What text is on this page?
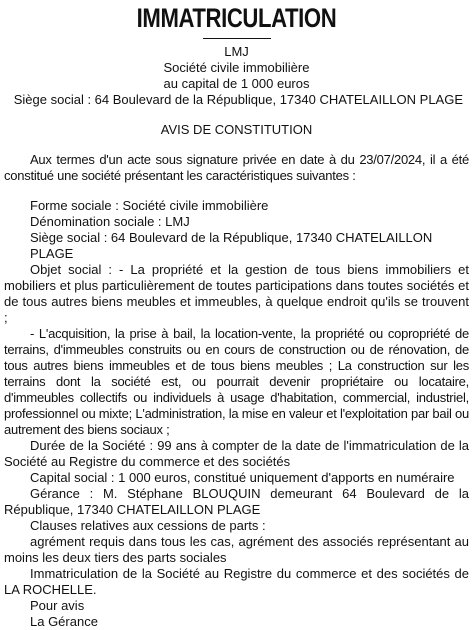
IMMATRICULATION

LMJ

Société civile immobilière

au capital de 1 000 euros

Siège social : 64 Boulevard de la République, 17340 CHATELAILLON PLAGE

AVIS DE CONSTITUTION

Aux termes d'un acte sous signature privée en date à du 23/07/2024, il a été constitué une société présentant les caractéristiques suivantes :

Forme sociale : Société civile immobilière

Dénomination sociale : LMJ

Siège social : 64 Boulevard de la République, 17340 CHATELAILLON PLAGE

Objet social : - La propriété et la gestion de tous biens immobiliers et mobiliers et plus particulièrement de toutes participations dans toutes sociétés et de tous autres biens meubles et immeubles, à quelque endroit qu'ils se trouvent ;

- L'acquisition, la prise à bail, la location-vente, la propriété ou copropriété de terrains, d'immeubles construits ou en cours de construction ou de rénovation, de tous autres biens immeubles et de tous biens meubles ; La construction sur les terrains dont la société est, ou pourrait devenir propriétaire ou locataire, d'immeubles collectifs ou individuels à usage d'habitation, commercial, industriel, professionnel ou mixte; L'administration, la mise en valeur et l'exploitation par bail ou autrement des biens sociaux ;

Durée de la Société : 99 ans à compter de la date de l'immatriculation de la Société au Registre du commerce et des sociétés

Capital social : 1 000 euros, constitué uniquement d'apports en numéraire

Gérance : M. Stéphane BLOUQUIN demeurant 64 Boulevard de la République, 17340 CHATELAILLON PLAGE

Clauses relatives aux cessions de parts :

agrément requis dans tous les cas, agrément des associés représentant au moins les deux tiers des parts sociales

Immatriculation de la Société au Registre du commerce et des sociétés de LA ROCHELLE.

Pour avis

La Gérance
